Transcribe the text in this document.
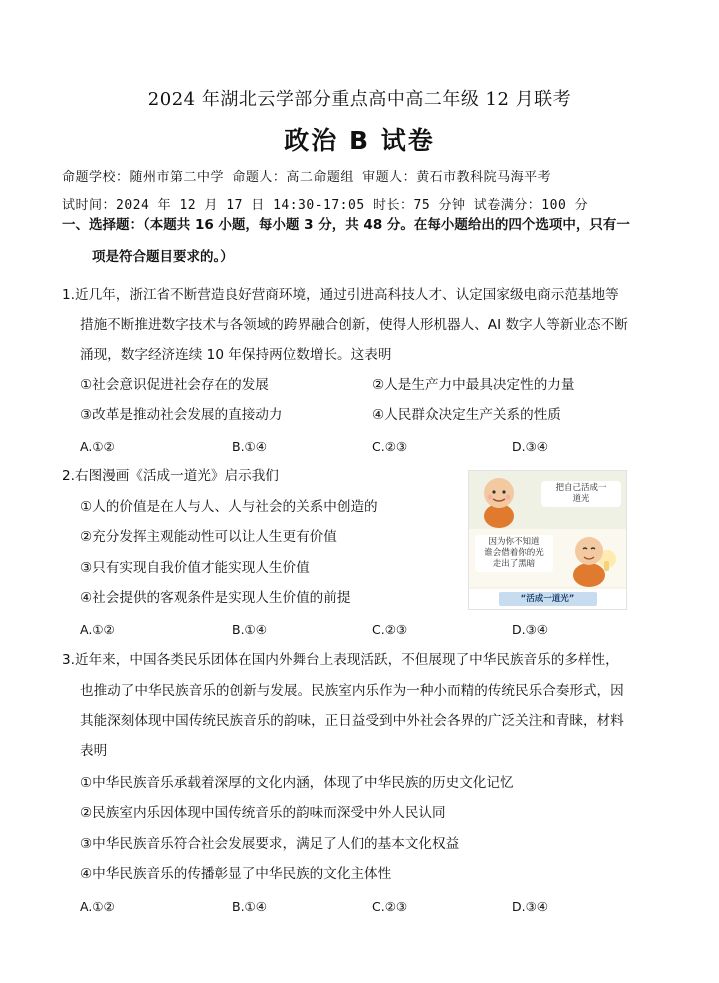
2024 年湖北云学部分重点高中高二年级 12 月联考
政治 B 试卷
命题学校：随州市第二中学 命题人：高二命题组 审题人：黄石市教科院马海平考
试时间：2024 年 12 月 17 日 14:30-17:05 时长：75 分钟 试卷满分：100 分
一、选择题：（本题共 16 小题，每小题 3 分，共 48 分。在每小题给出的四个选项中，只有一
项是符合题目要求的。）
1.近几年，浙江省不断营造良好营商环境，通过引进高科技人才、认定国家级电商示范基地等
措施不断推进数字技术与各领域的跨界融合创新，使得人形机器人、AI 数字人等新业态不断
涌现，数字经济连续 10 年保持两位数增长。这表明
①社会意识促进社会存在的发展	②人是生产力中最具决定性的力量
③改革是推动社会发展的直接动力	④人民群众决定生产关系的性质
A.①②	B.①④	C.②③	D.③④
2.右图漫画《活成一道光》启示我们
①人的价值是在人与人、人与社会的关系中创造的
②充分发挥主观能动性可以让人生更有价值
③只有实现自我价值才能实现人生价值
④社会提供的客观条件是实现人生价值的前提
A.①②	B.①④	C.②③	D.③④
把自己活成一
道光
因为你不知道
谁会借着你的光
走出了黑暗
“活成一道光”
3.近年来，中国各类民乐团体在国内外舞台上表现活跃，不但展现了中华民族音乐的多样性，
也推动了中华民族音乐的创新与发展。民族室内乐作为一种小而精的传统民乐合奏形式，因
其能深刻体现中国传统民族音乐的韵味，正日益受到中外社会各界的广泛关注和青睐，材料
表明
①中华民族音乐承载着深厚的文化内涵，体现了中华民族的历史文化记忆
②民族室内乐因体现中国传统音乐的韵味而深受中外人民认同
③中华民族音乐符合社会发展要求，满足了人们的基本文化权益
④中华民族音乐的传播彰显了中华民族的文化主体性
A.①②	B.①④	C.②③	D.③④
